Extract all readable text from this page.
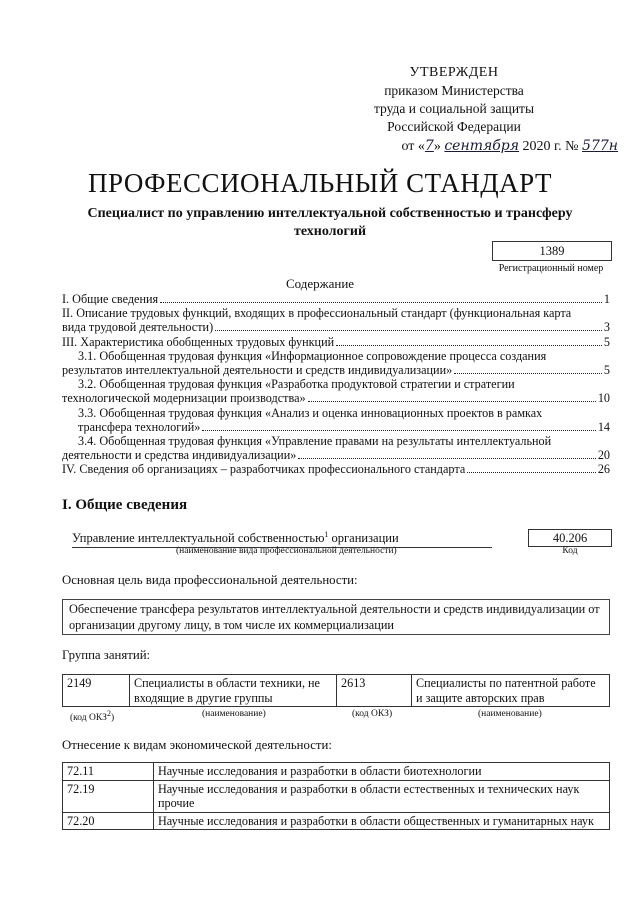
УТВЕРЖДЕН
приказом Министерства
труда и социальной защиты
Российской Федерации
от «7» сентября 2020 г. № 577н
ПРОФЕССИОНАЛЬНЫЙ СТАНДАРТ
Специалист по управлению интеллектуальной собственностью и трансферу технологий
1389
Регистрационный номер
Содержание
I. Общие сведения	1
II. Описание трудовых функций, входящих в профессиональный стандарт (функциональная карта
вида трудовой деятельности)	3
III. Характеристика обобщенных трудовых функций	5
3.1. Обобщенная трудовая функция «Информационное сопровождение процесса создания
результатов интеллектуальной деятельности и средств индивидуализации»	5
3.2. Обобщенная трудовая функция «Разработка продуктовой стратегии и стратегии
технологической модернизации производства»	10
3.3. Обобщенная трудовая функция «Анализ и оценка инновационных проектов в рамках
трансфера технологий»	14
3.4. Обобщенная трудовая функция «Управление правами на результаты интеллектуальной
деятельности и средства индивидуализации»	20
IV. Сведения об организациях – разработчиках профессионального стандарта	26
I. Общие сведения
Управление интеллектуальной собственностью$^1$ организации
(наименование вида профессиональной деятельности)
40.206
Код
Основная цель вида профессиональной деятельности:
Обеспечение трансфера результатов интеллектуальной деятельности и средств индивидуализации от организации другому лицу, в том числе их коммерциализации
Группа занятий:
2149	Специалисты в области техники, не входящие в другие группы	2613	Специалисты по патентной работе и защите авторских прав
(код ОКЗ$^2$)	(наименование)	(код ОКЗ)	(наименование)
Отнесение к видам экономической деятельности:
72.11	Научные исследования и разработки в области биотехнологии
72.19	Научные исследования и разработки в области естественных и технических наук прочие
72.20	Научные исследования и разработки в области общественных и гуманитарных наук
